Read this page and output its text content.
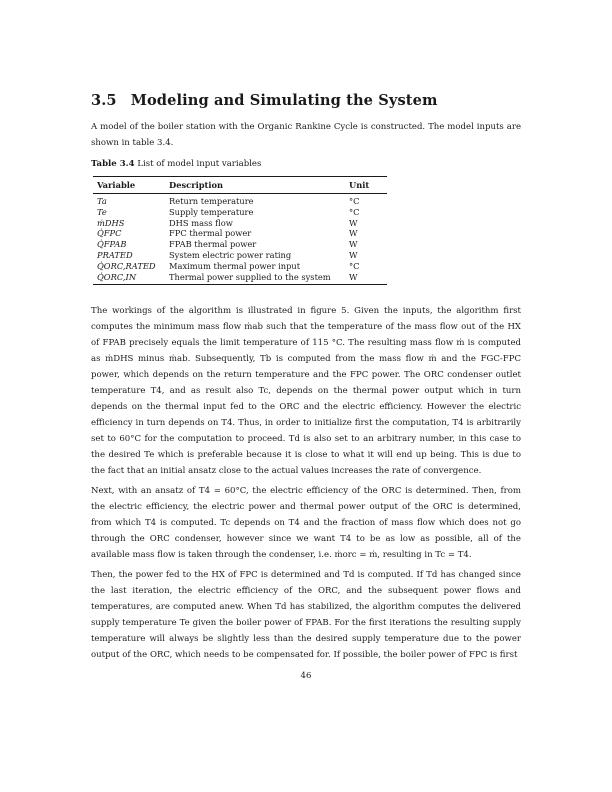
3.5 Modeling and Simulating the System

A model of the boiler station with the Organic Rankine Cycle is constructed. The model inputs are shown in table 3.4.

Table 3.4 List of model input variables
Variable	Description	Unit
Ta	Return temperature	°C
Te	Supply temperature	°C
ṁDHS	DHS mass flow	W
Q̇FPC	FPC thermal power	W
Q̇FPAB	FPAB thermal power	W
PRATED	System electric power rating	W
Q̇ORC,RATED	Maximum thermal power input	°C
Q̇ORC,IN	Thermal power supplied to the system	W

The workings of the algorithm is illustrated in figure 5. Given the inputs, the algorithm first computes the minimum mass flow ṁab such that the temperature of the mass flow out of the HX of FPAB precisely equals the limit temperature of 115 °C. The resulting mass flow ṁ is computed as ṁDHS minus ṁab. Subsequently, Tb is computed from the mass flow ṁ and the FGC-FPC power, which depends on the return temperature and the FPC power. The ORC condenser outlet temperature T4, and as result also Tc, depends on the thermal power output which in turn depends on the thermal input fed to the ORC and the electric efficiency. However the electric efficiency in turn depends on T4. Thus, in order to initialize first the computation, T4 is arbitrarily set to 60°C for the computation to proceed. Td is also set to an arbitrary number, in this case to the desired Te which is preferable because it is close to what it will end up being. This is due to the fact that an initial ansatz close to the actual values increases the rate of convergence.

Next, with an ansatz of T4 = 60°C, the electric efficiency of the ORC is determined. Then, from the electric efficiency, the electric power and thermal power output of the ORC is determined, from which T4 is computed. Tc depends on T4 and the fraction of mass flow which does not go through the ORC condenser, however since we want T4 to be as low as possible, all of the available mass flow is taken through the condenser, i.e. ṁorc = ṁ, resulting in Tc = T4.

Then, the power fed to the HX of FPC is determined and Td is computed. If Td has changed since the last iteration, the electric efficiency of the ORC, and the subsequent power flows and temperatures, are computed anew. When Td has stabilized, the algorithm computes the delivered supply temperature Te given the boiler power of FPAB. For the first iterations the resulting supply temperature will always be slightly less than the desired supply temperature due to the power output of the ORC, which needs to be compensated for. If possible, the boiler power of FPC is first

46
